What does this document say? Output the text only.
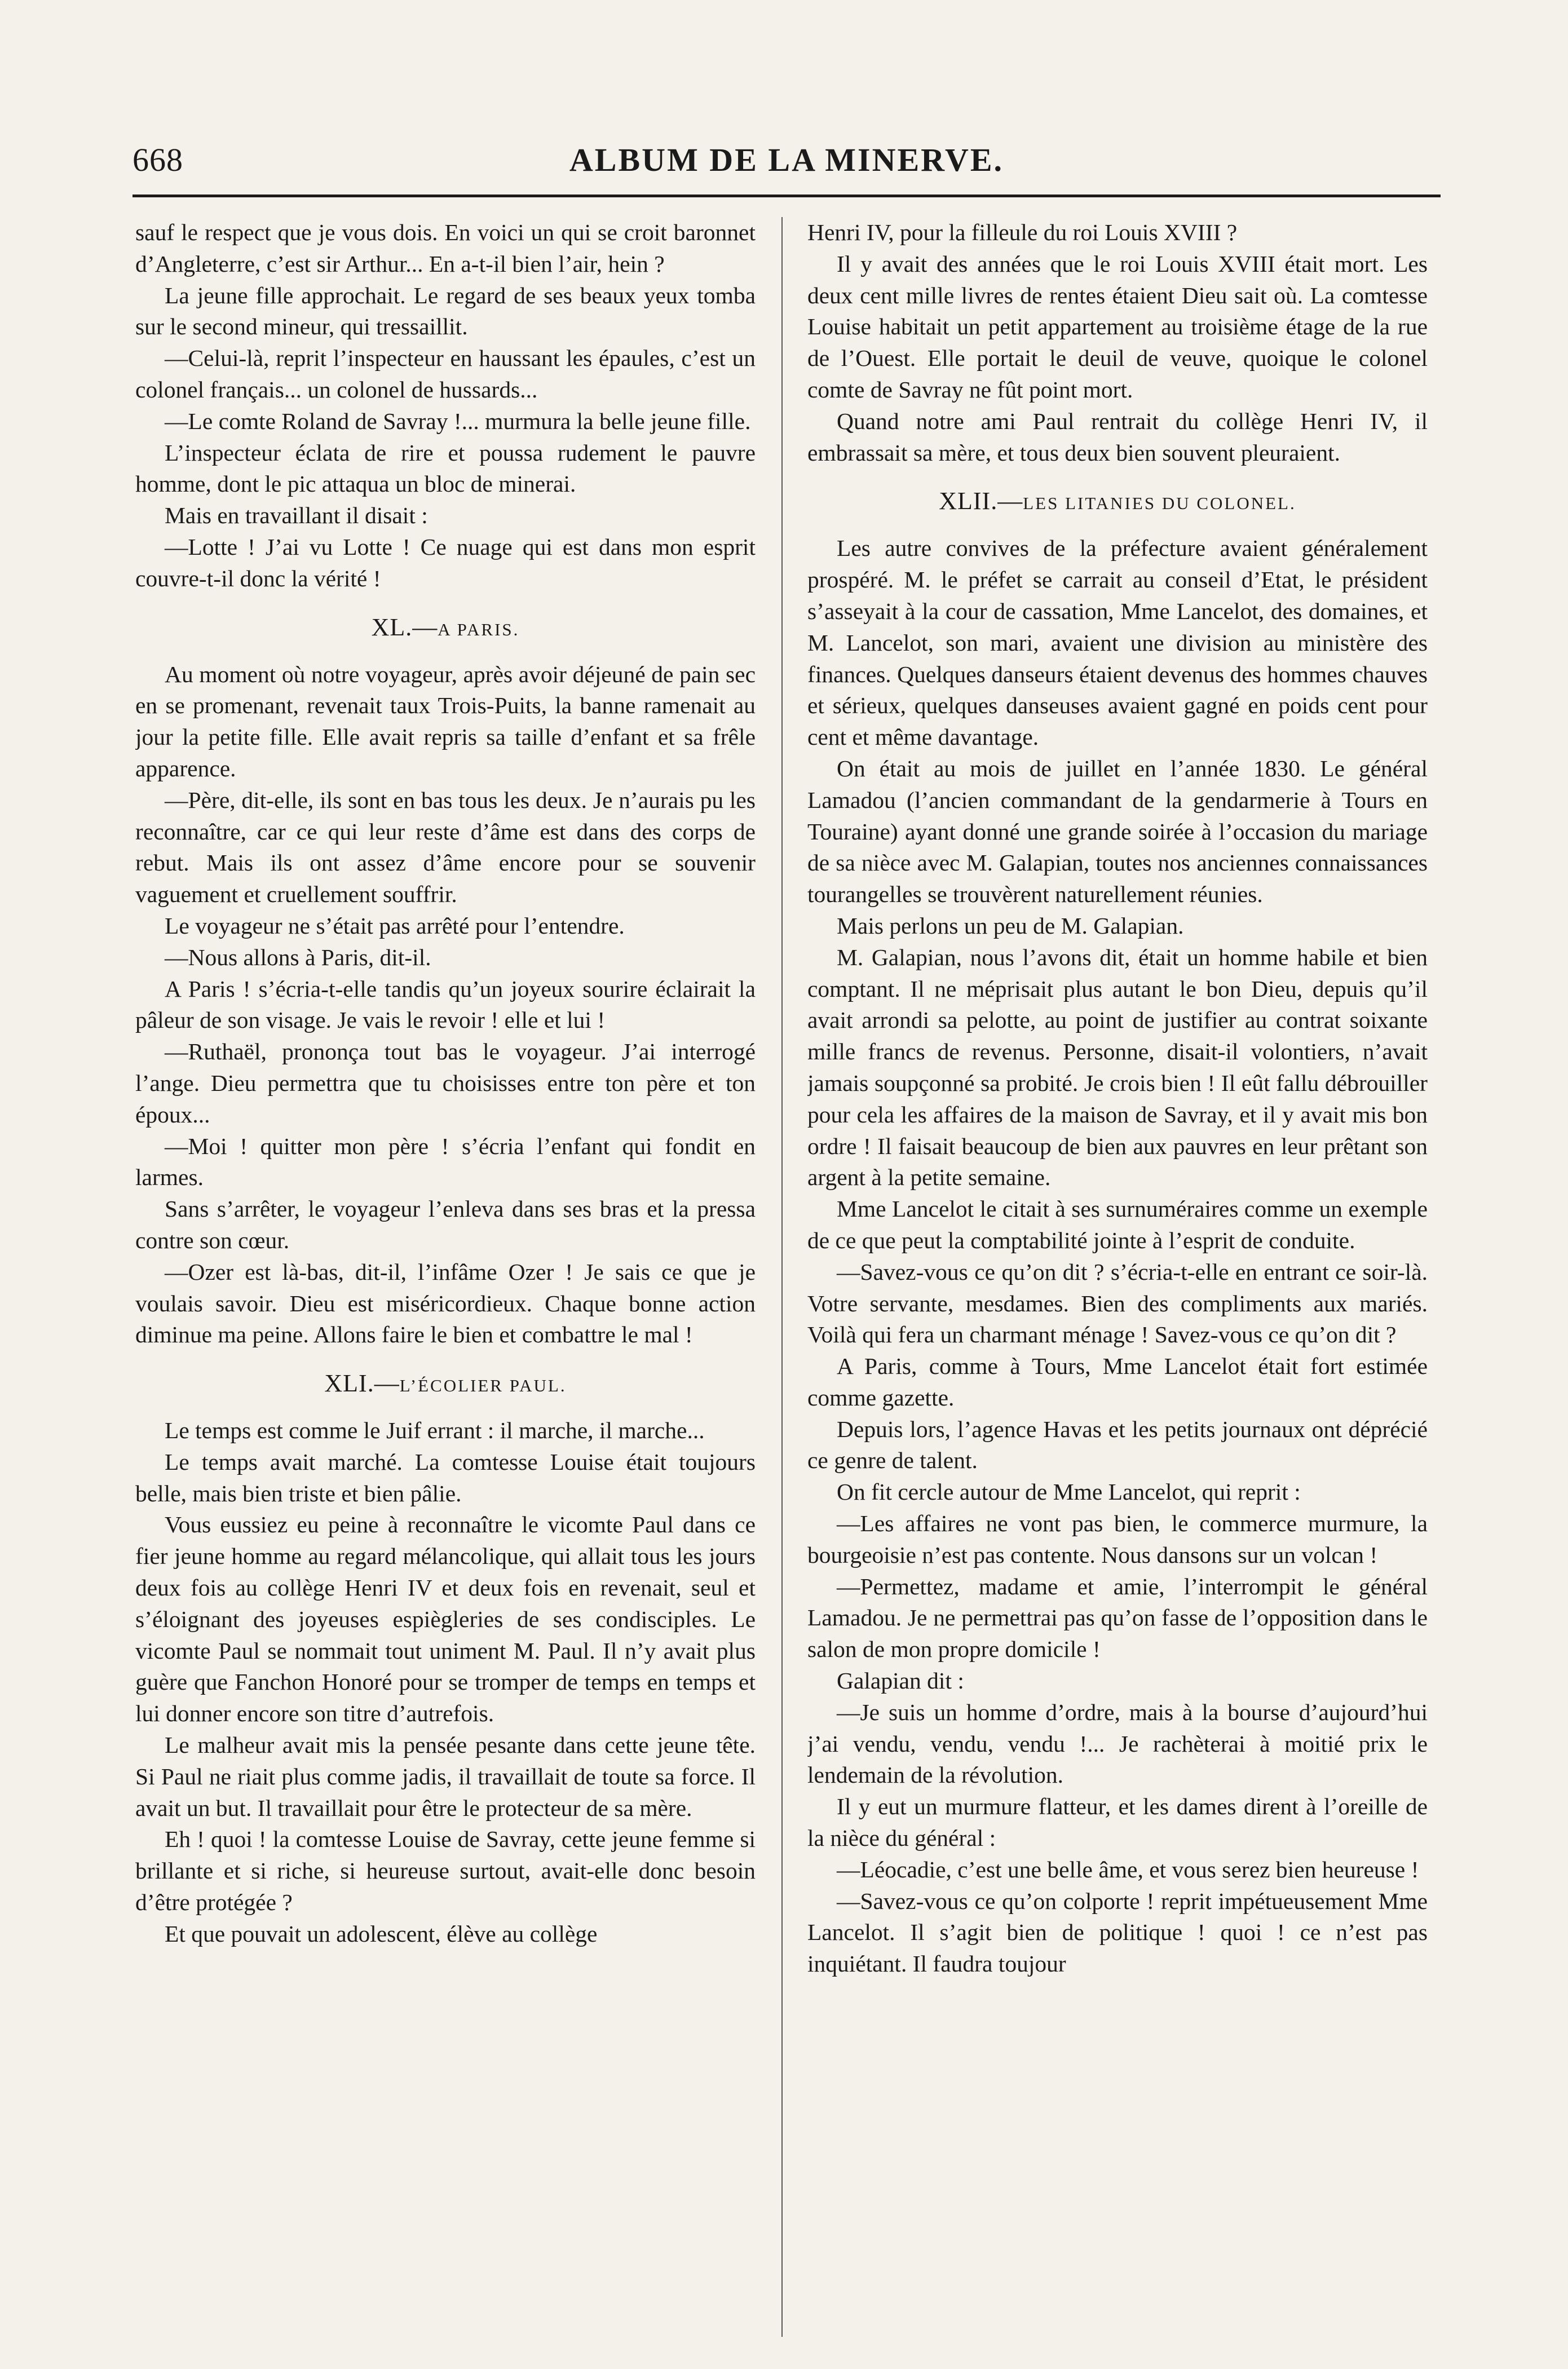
668	ALBUM DE LA MINERVE.

sauf le respect que je vous dois. En voici un qui se croit baronnet d’Angleterre, c’est sir Arthur... En a-t-il bien l’air, hein ?

La jeune fille approchait. Le regard de ses beaux yeux tomba sur le second mineur, qui tressaillit.

—Celui-là, reprit l’inspecteur en haussant les épaules, c’est un colonel français... un colonel de hussards...

—Le comte Roland de Savray !... murmura la belle jeune fille.

L’inspecteur éclata de rire et poussa rudement le pauvre homme, dont le pic attaqua un bloc de minerai.

Mais en travaillant il disait :

—Lotte ! J’ai vu Lotte ! Ce nuage qui est dans mon esprit couvre-t-il donc la vérité !

XL.—A PARIS.

Au moment où notre voyageur, après avoir déjeuné de pain sec en se promenant, revenait taux Trois-Puits, la banne ramenait au jour la petite fille. Elle avait repris sa taille d’enfant et sa frêle apparence.

—Père, dit-elle, ils sont en bas tous les deux. Je n’aurais pu les reconnaître, car ce qui leur reste d’âme est dans des corps de rebut. Mais ils ont assez d’âme encore pour se souvenir vaguement et cruellement souffrir.

Le voyageur ne s’était pas arrêté pour l’entendre.

—Nous allons à Paris, dit-il.

A Paris ! s’écria-t-elle tandis qu’un joyeux sourire éclairait la pâleur de son visage. Je vais le revoir ! elle et lui !

—Ruthaël, prononça tout bas le voyageur. J’ai interrogé l’ange. Dieu permettra que tu choisisses entre ton père et ton époux...

—Moi ! quitter mon père ! s’écria l’enfant qui fondit en larmes.

Sans s’arrêter, le voyageur l’enleva dans ses bras et la pressa contre son cœur.

—Ozer est là-bas, dit-il, l’infâme Ozer ! Je sais ce que je voulais savoir. Dieu est miséricordieux. Chaque bonne action diminue ma peine. Allons faire le bien et combattre le mal !

XLI.—L’ÉCOLIER PAUL.

Le temps est comme le Juif errant : il marche, il marche...

Le temps avait marché. La comtesse Louise était toujours belle, mais bien triste et bien pâlie.

Vous eussiez eu peine à reconnaître le vicomte Paul dans ce fier jeune homme au regard mélancolique, qui allait tous les jours deux fois au collège Henri IV et deux fois en revenait, seul et s’éloignant des joyeuses espiègleries de ses condisciples. Le vicomte Paul se nommait tout uniment M. Paul. Il n’y avait plus guère que Fanchon Honoré pour se tromper de temps en temps et lui donner encore son titre d’autrefois.

Le malheur avait mis la pensée pesante dans cette jeune tête. Si Paul ne riait plus comme jadis, il travaillait de toute sa force. Il avait un but. Il travaillait pour être le protecteur de sa mère.

Eh ! quoi ! la comtesse Louise de Savray, cette jeune femme si brillante et si riche, si heureuse surtout, avait-elle donc besoin d’être protégée ?

Et que pouvait un adolescent, élève au collège

Henri IV, pour la filleule du roi Louis XVIII ?

Il y avait des années que le roi Louis XVIII était mort. Les deux cent mille livres de rentes étaient Dieu sait où. La comtesse Louise habitait un petit appartement au troisième étage de la rue de l’Ouest. Elle portait le deuil de veuve, quoique le colonel comte de Savray ne fût point mort.

Quand notre ami Paul rentrait du collège Henri IV, il embrassait sa mère, et tous deux bien souvent pleuraient.

XLII.—LES LITANIES DU COLONEL.

Les autre convives de la préfecture avaient généralement prospéré. M. le préfet se carrait au conseil d’Etat, le président s’asseyait à la cour de cassation, Mme Lancelot, des domaines, et M. Lancelot, son mari, avaient une division au ministère des finances. Quelques danseurs étaient devenus des hommes chauves et sérieux, quelques danseuses avaient gagné en poids cent pour cent et même davantage.

On était au mois de juillet en l’année 1830. Le général Lamadou (l’ancien commandant de la gendarmerie à Tours en Touraine) ayant donné une grande soirée à l’occasion du mariage de sa nièce avec M. Galapian, toutes nos anciennes connaissances tourangelles se trouvèrent naturellement réunies.

Mais perlons un peu de M. Galapian.

M. Galapian, nous l’avons dit, était un homme habile et bien comptant. Il ne méprisait plus autant le bon Dieu, depuis qu’il avait arrondi sa pelotte, au point de justifier au contrat soixante mille francs de revenus. Personne, disait-il volontiers, n’avait jamais soupçonné sa probité. Je crois bien ! Il eût fallu débrouiller pour cela les affaires de la maison de Savray, et il y avait mis bon ordre ! Il faisait beaucoup de bien aux pauvres en leur prêtant son argent à la petite semaine.

Mme Lancelot le citait à ses surnuméraires comme un exemple de ce que peut la comptabilité jointe à l’esprit de conduite.

—Savez-vous ce qu’on dit ? s’écria-t-elle en entrant ce soir-là. Votre servante, mesdames. Bien des compliments aux mariés. Voilà qui fera un charmant ménage ! Savez-vous ce qu’on dit ?

A Paris, comme à Tours, Mme Lancelot était fort estimée comme gazette.

Depuis lors, l’agence Havas et les petits journaux ont déprécié ce genre de talent.

On fit cercle autour de Mme Lancelot, qui reprit :

—Les affaires ne vont pas bien, le commerce murmure, la bourgeoisie n’est pas contente. Nous dansons sur un volcan !

—Permettez, madame et amie, l’interrompit le général Lamadou. Je ne permettrai pas qu’on fasse de l’opposition dans le salon de mon propre domicile !

Galapian dit :

—Je suis un homme d’ordre, mais à la bourse d’aujourd’hui j’ai vendu, vendu, vendu !... Je rachèterai à moitié prix le lendemain de la révolution.

Il y eut un murmure flatteur, et les dames dirent à l’oreille de la nièce du général :

—Léocadie, c’est une belle âme, et vous serez bien heureuse !

—Savez-vous ce qu’on colporte ! reprit impétueusement Mme Lancelot. Il s’agit bien de politique ! quoi ! ce n’est pas inquiétant. Il faudra toujour
